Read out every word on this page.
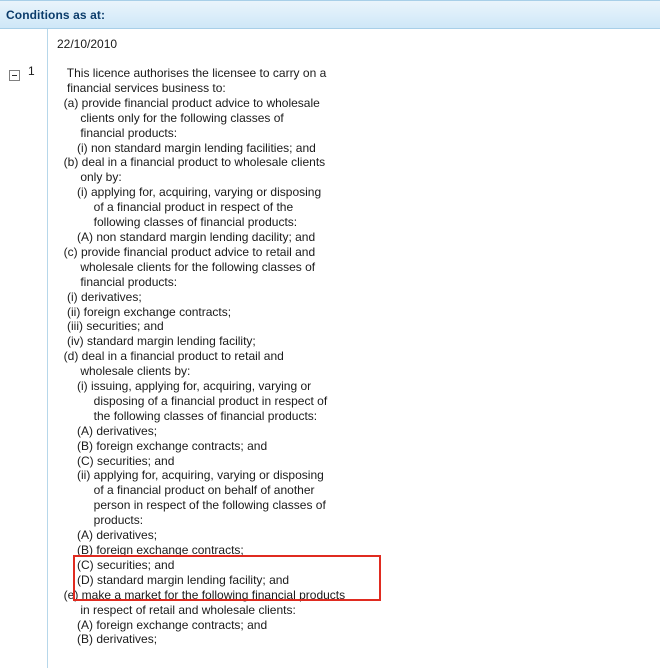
Conditions as at:
1
22/10/2010
This licence authorises the licensee to carry on a
financial services business to:
(a) provide financial product advice to wholesale
clients only for the following classes of
financial products:
(i) non standard margin lending facilities; and
(b) deal in a financial product to wholesale clients
only by:
(i) applying for, acquiring, varying or disposing
of a financial product in respect of the
following classes of financial products:
(A) non standard margin lending dacility; and
(c) provide financial product advice to retail and
wholesale clients for the following classes of
financial products:
(i) derivatives;
(ii) foreign exchange contracts;
(iii) securities; and
(iv) standard margin lending facility;
(d) deal in a financial product to retail and
wholesale clients by:
(i) issuing, applying for, acquiring, varying or
disposing of a financial product in respect of
the following classes of financial products:
(A) derivatives;
(B) foreign exchange contracts; and
(C) securities; and
(ii) applying for, acquiring, varying or disposing
of a financial product on behalf of another
person in respect of the following classes of
products:
(A) derivatives;
(B) foreign exchange contracts;
(C) securities; and
(D) standard margin lending facility; and
(e) make a market for the following financial products
in respect of retail and wholesale clients:
(A) foreign exchange contracts; and
(B) derivatives;
